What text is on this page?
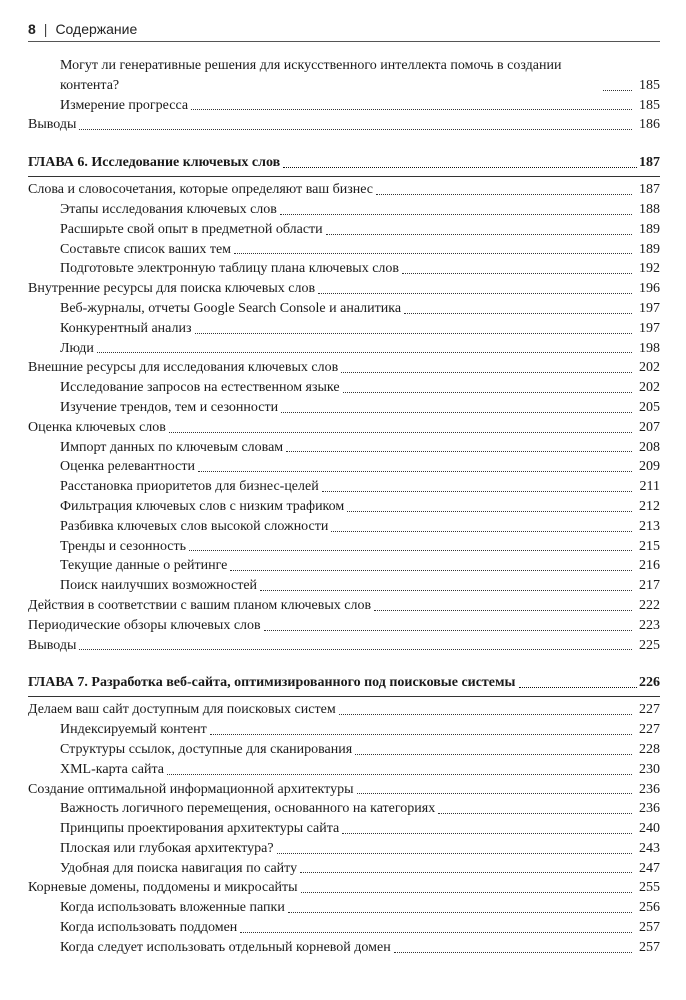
8 | Содержание
Могут ли генеративные решения для искусственного интеллекта помочь в создании контента?	185
Измерение прогресса	185
Выводы	186
ГЛАВА 6. Исследование ключевых слов	187
Слова и словосочетания, которые определяют ваш бизнес	187
Этапы исследования ключевых слов	188
Расширьте свой опыт в предметной области	189
Составьте список ваших тем	189
Подготовьте электронную таблицу плана ключевых слов	192
Внутренние ресурсы для поиска ключевых слов	196
Веб-журналы, отчеты Google Search Console и аналитика	197
Конкурентный анализ	197
Люди	198
Внешние ресурсы для исследования ключевых слов	202
Исследование запросов на естественном языке	202
Изучение трендов, тем и сезонности	205
Оценка ключевых слов	207
Импорт данных по ключевым словам	208
Оценка релевантности	209
Расстановка приоритетов для бизнес-целей	211
Фильтрация ключевых слов с низким трафиком	212
Разбивка ключевых слов высокой сложности	213
Тренды и сезонность	215
Текущие данные о рейтинге	216
Поиск наилучших возможностей	217
Действия в соответствии с вашим планом ключевых слов	222
Периодические обзоры ключевых слов	223
Выводы	225
ГЛАВА 7. Разработка веб-сайта, оптимизированного под поисковые системы	226
Делаем ваш сайт доступным для поисковых систем	227
Индексируемый контент	227
Структуры ссылок, доступные для сканирования	228
XML-карта сайта	230
Создание оптимальной информационной архитектуры	236
Важность логичного перемещения, основанного на категориях	236
Принципы проектирования архитектуры сайта	240
Плоская или глубокая архитектура?	243
Удобная для поиска навигация по сайту	247
Корневые домены, поддомены и микросайты	255
Когда использовать вложенные папки	256
Когда использовать поддомен	257
Когда следует использовать отдельный корневой домен	257
